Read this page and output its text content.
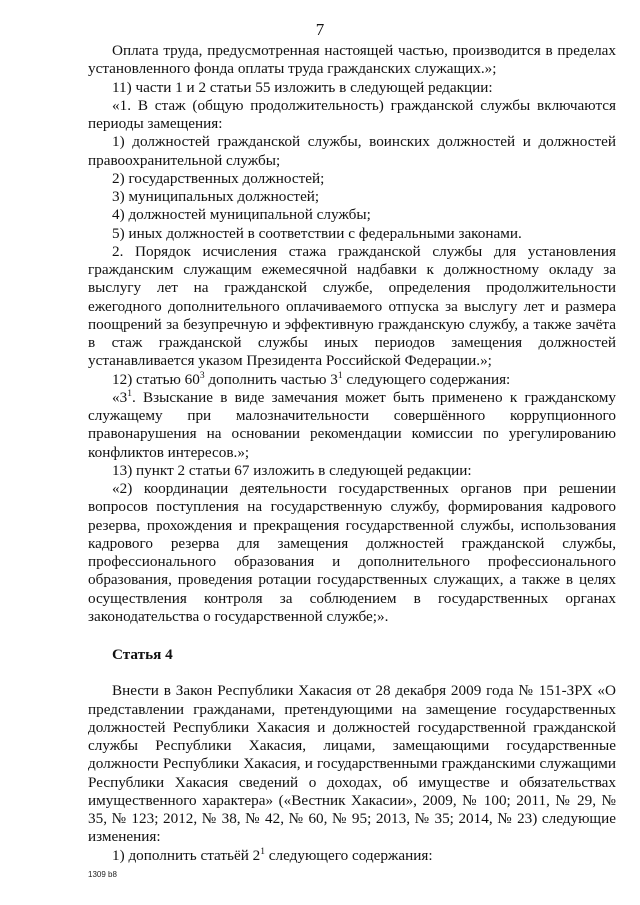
7

Оплата труда, предусмотренная настоящей частью, производится в пределах установленного фонда оплаты труда гражданских служащих.»;

11) части 1 и 2 статьи 55 изложить в следующей редакции:

«1. В стаж (общую продолжительность) гражданской службы включаются периоды замещения:

1) должностей гражданской службы, воинских должностей и должностей правоохранительной службы;

2) государственных должностей;

3) муниципальных должностей;

4) должностей муниципальной службы;

5) иных должностей в соответствии с федеральными законами.

2. Порядок исчисления стажа гражданской службы для установления гражданским служащим ежемесячной надбавки к должностному окладу за выслугу лет на гражданской службе, определения продолжительности ежегодного дополнительного оплачиваемого отпуска за выслугу лет и размера поощрений за безупречную и эффективную гражданскую службу, а также зачёта в стаж гражданской службы иных периодов замещения должностей устанавливается указом Президента Российской Федерации.»;

12) статью $60^3$ дополнить частью $3^1$ следующего содержания:

«$3^1$. Взыскание в виде замечания может быть применено к гражданскому служащему при малозначительности совершённого коррупционного правонарушения на основании рекомендации комиссии по урегулированию конфликтов интересов.»;

13) пункт 2 статьи 67 изложить в следующей редакции:

«2) координации деятельности государственных органов при решении вопросов поступления на государственную службу, формирования кадрового резерва, прохождения и прекращения государственной службы, использования кадрового резерва для замещения должностей гражданской службы, профессионального образования и дополнительного профессионального образования, проведения ротации государственных служащих, а также в целях осуществления контроля за соблюдением в государственных органах законодательства о государственной службе;».

Статья 4

Внести в Закон Республики Хакасия от 28 декабря 2009 года № 151-ЗРХ «О представлении гражданами, претендующими на замещение государственных должностей Республики Хакасия и должностей государственной гражданской службы Республики Хакасия, лицами, замещающими государственные должности Республики Хакасия, и государственными гражданскими служащими Республики Хакасия сведений о доходах, об имуществе и обязательствах имущественного характера» («Вестник Хакасии», 2009, № 100; 2011, № 29, № 35, № 123; 2012, № 38, № 42, № 60, № 95; 2013, № 35; 2014, № 23) следующие изменения:

1) дополнить статьёй $2^1$ следующего содержания:

1309 b8
